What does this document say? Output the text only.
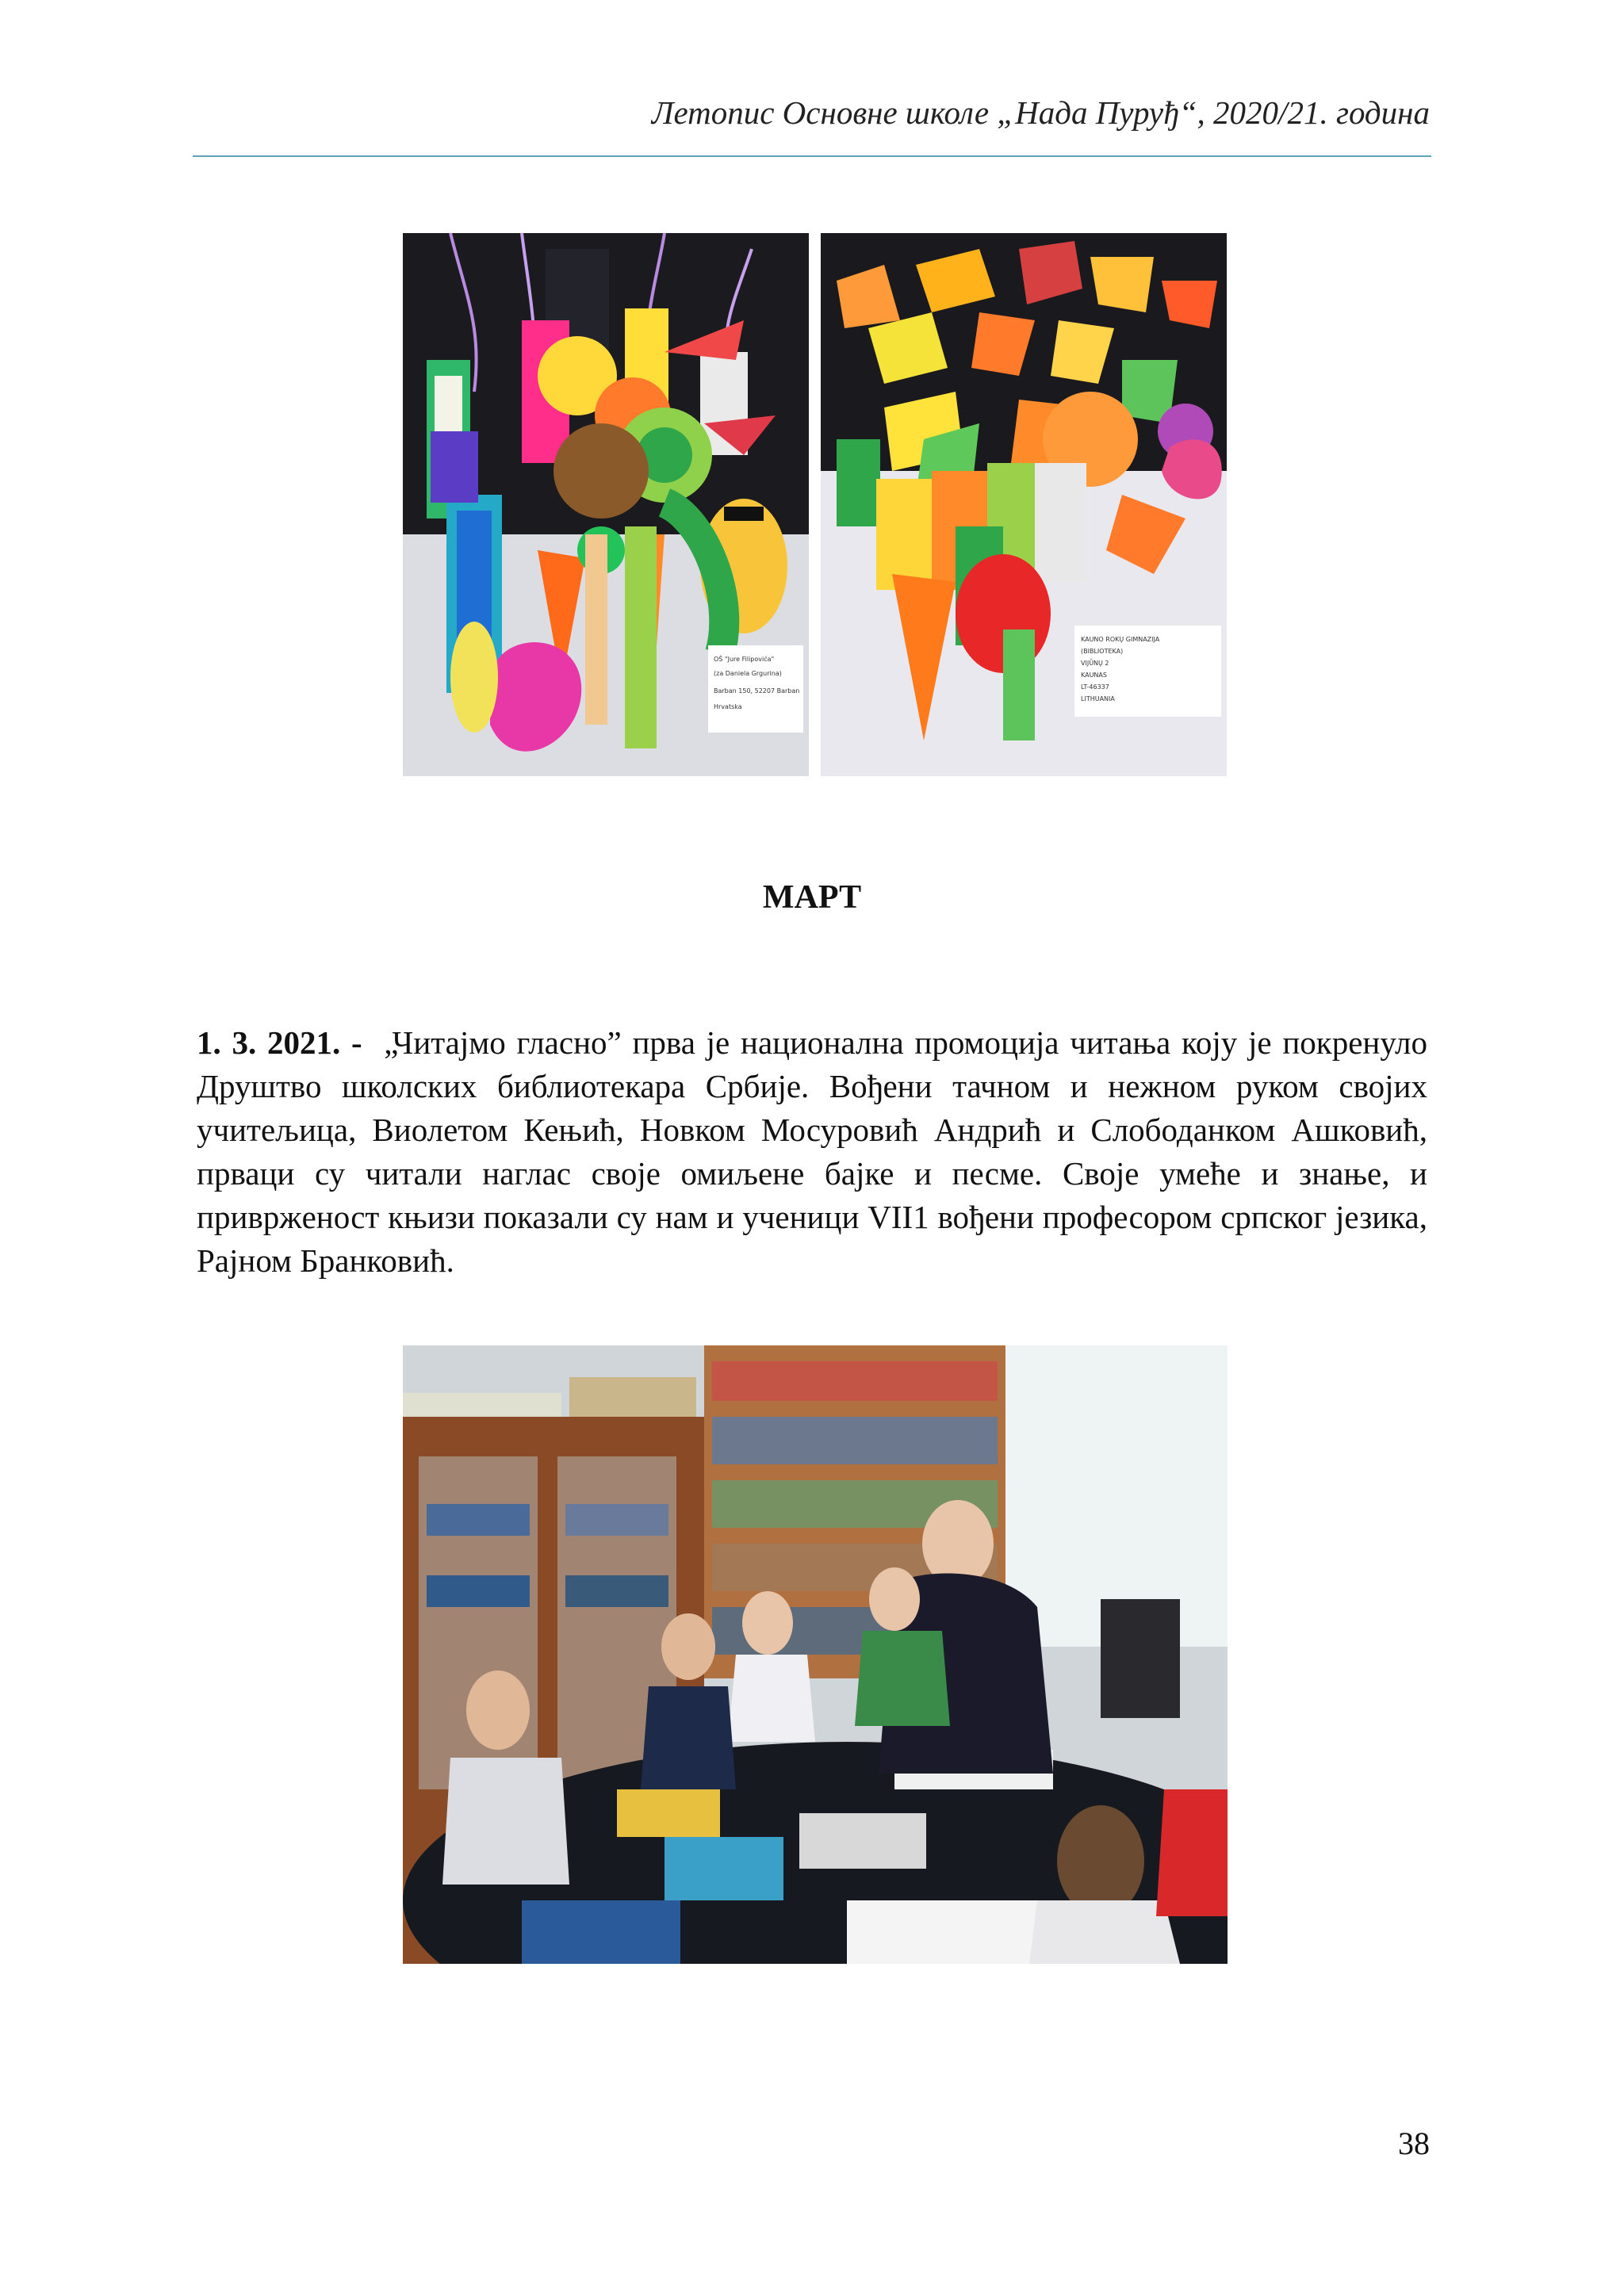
Летопис Основне школе „Нада Пуруђ“, 2020/21. година
OŠ "Jure Filipovića"
(za Daniela Grgurina)
Barban 150, 52207 Barban
Hrvatska
KAUNO ROKŲ GIMNAZIJA
(BIBLIOTEKA)
VIJŪNŲ 2
KAUNAS
LT-46337
LITHUANIA
МАРТ

1. 3. 2021. - „Читајмо гласно” прва је национална промоција читања коју је покренуло Друштво школских библиотекара Србије. Вођени тачном и нежном руком својих учитељица, Виолетом Кењић, Новком Мосуровић Андрић и Слободанком Ашковић, прваци су читали наглас своје омиљене бајке и песме. Своје умеће и знање, и привржeност књизи показали су нам и ученици VII1 вођени професором српског језика, Рајном Бранковић.

38
